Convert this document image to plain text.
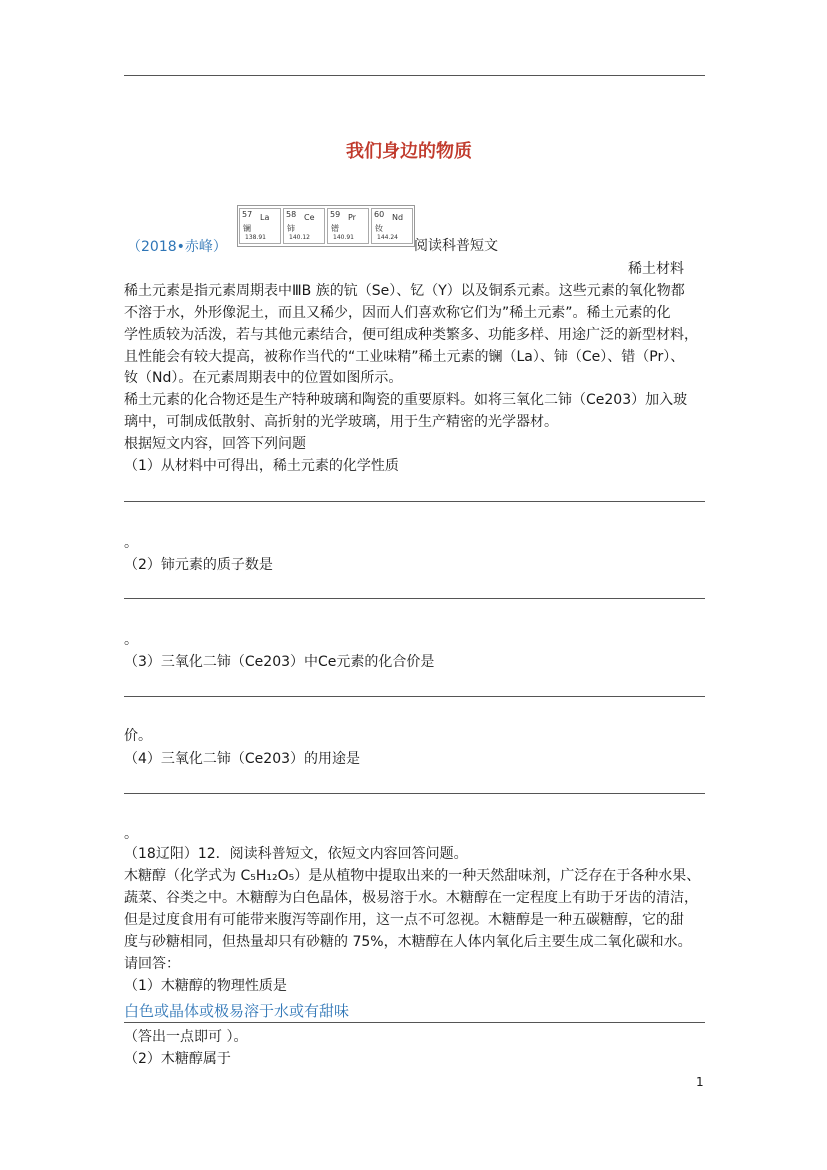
我们身边的物质
（2018•赤峰）
57 La
镧
138.91
58 Ce
铈
140.12
59 Pr
镨
140.91
60 Nd
钕
144.24
阅读科普短文
稀土材料
稀土元素是指元素周期表中ⅢB 族的钪（Se）、钇（Y）以及铜系元素。这些元素的氧化物都
不溶于水，外形像泥土，而且又稀少，因而人们喜欢称它们为”稀土元素”。稀土元素的化
学性质较为活泼，若与其他元素结合，便可组成种类繁多、功能多样、用途广泛的新型材料，
且性能会有较大提高，被称作当代的“工业味精”稀土元素的镧（La）、铈（Ce）、错（Pr）、
钕（Nd）。在元素周期表中的位置如图所示。
稀土元素的化合物还是生产特种玻璃和陶瓷的重要原料。如将三氧化二铈（Ce203）加入玻
璃中，可制成低散射、高折射的光学玻璃，用于生产精密的光学器材。
根据短文内容，回答下列问题
（1）从材料中可得出，稀土元素的化学性质
。
（2）铈元素的质子数是
。
（3）三氧化二铈（Ce203）中Ce元素的化合价是
价。
（4）三氧化二铈（Ce203）的用途是
。
（18辽阳）12．阅读科普短文，依短文内容回答问题。
木糖醇（化学式为 C₅H₁₂O₅）是从植物中提取出来的一种天然甜味剂，广泛存在于各种水果、
蔬菜、谷类之中。木糖醇为白色晶体，极易溶于水。木糖醇在一定程度上有助于牙齿的清洁，
但是过度食用有可能带来腹泻等副作用，这一点不可忽视。木糖醇是一种五碳糖醇，它的甜
度与砂糖相同，但热量却只有砂糖的 75%，木糖醇在人体内氧化后主要生成二氧化碳和水。
请回答：
（1）木糖醇的物理性质是
白色或晶体或极易溶于水或有甜味
（答出一点即可 ）。
（2）木糖醇属于
1
